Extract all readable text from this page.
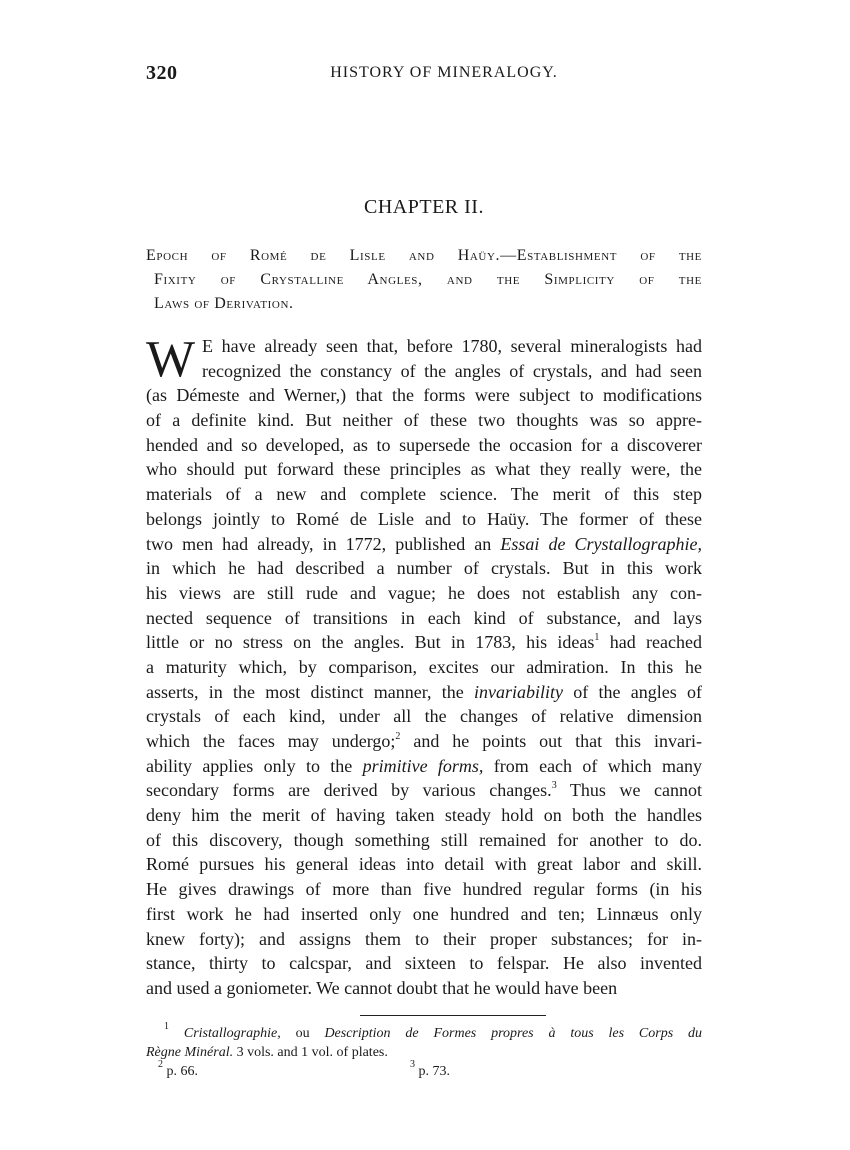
320	HISTORY OF MINERALOGY.
CHAPTER II.
Epoch of Romé de Lisle and Haüy.—Establishment of the
Fixity of Crystalline Angles, and the Simplicity of the
Laws of Derivation.
W E have already seen that, before 1780, several mineralogists had
recognized the constancy of the angles of crystals, and had seen
(as Démeste and Werner,) that the forms were subject to modifications
of a definite kind. But neither of these two thoughts was so appre-
hended and so developed, as to supersede the occasion for a discoverer
who should put forward these principles as what they really were, the
materials of a new and complete science. The merit of this step
belongs jointly to Romé de Lisle and to Haüy. The former of these
two men had already, in 1772, published an Essai de Crystallographie,
in which he had described a number of crystals. But in this work
his views are still rude and vague; he does not establish any con-
nected sequence of transitions in each kind of substance, and lays
little or no stress on the angles. But in 1783, his ideas$^1$ had reached
a maturity which, by comparison, excites our admiration. In this he
asserts, in the most distinct manner, the invariability of the angles of
crystals of each kind, under all the changes of relative dimension
which the faces may undergo;$^2$ and he points out that this invari-
ability applies only to the primitive forms, from each of which many
secondary forms are derived by various changes.$^3$ Thus we cannot
deny him the merit of having taken steady hold on both the handles
of this discovery, though something still remained for another to do.
Romé pursues his general ideas into detail with great labor and skill.
He gives drawings of more than five hundred regular forms (in his
first work he had inserted only one hundred and ten; Linnæus only
knew forty); and assigns them to their proper substances; for in-
stance, thirty to calcspar, and sixteen to felspar. He also invented
and used a goniometer. We cannot doubt that he would have been
$^1$ Cristallographie, ou Description de Formes propres à tous les Corps du
Règne Minéral. 3 vols. and 1 vol. of plates.
$^2$ p. 66.	$^3$ p. 73.
